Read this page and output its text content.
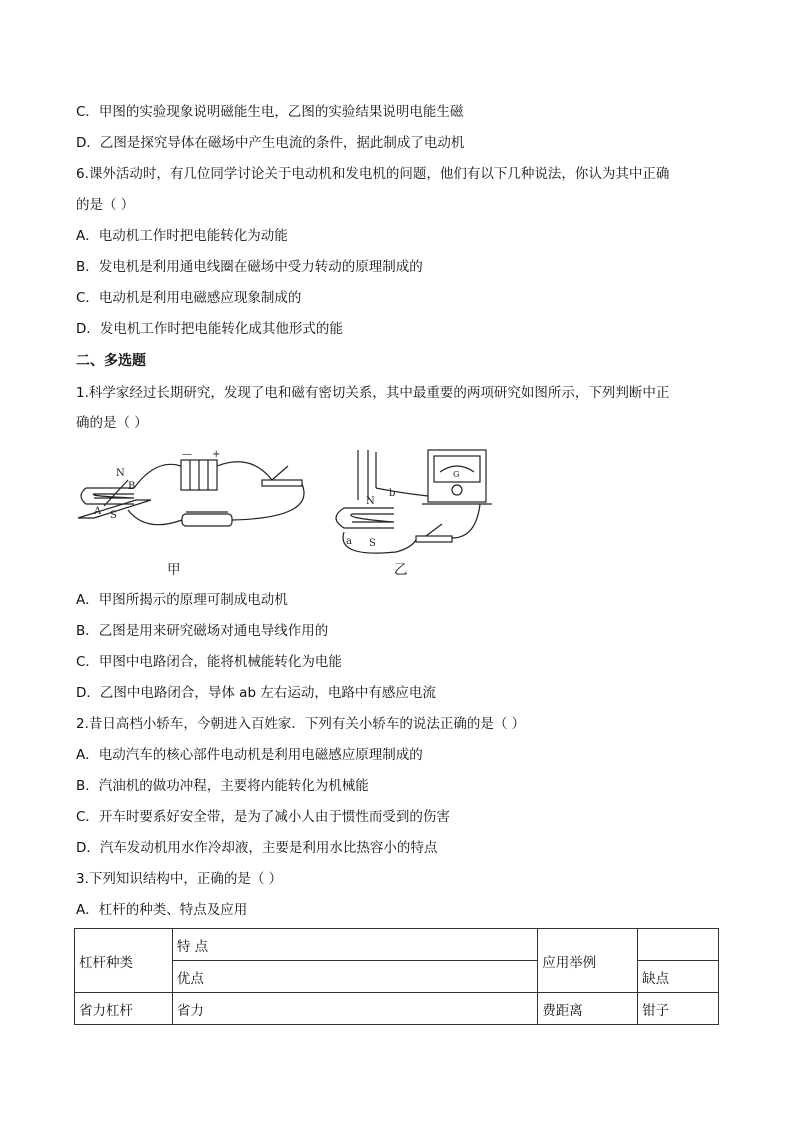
C．甲图的实验现象说明磁能生电，乙图的实验结果说明电能生磁
D．乙图是探究导体在磁场中产生电流的条件，据此制成了电动机
6.课外活动时，有几位同学讨论关于电动机和发电机的问题，他们有以下几种说法，你认为其中正确
的是（ ）
A．电动机工作时把电能转化为动能
B．发电机是利用通电线圈在磁场中受力转动的原理制成的
C．电动机是利用电磁感应现象制成的
D．发电机工作时把电能转化成其他形式的能
二、多选题
1.科学家经过长期研究，发现了电和磁有密切关系，其中最重要的两项研究如图所示，下列判断中正
确的是（ ）
N
B
A S
— +
N
b
a S
G
甲	乙
A．甲图所揭示的原理可制成电动机
B．乙图是用来研究磁场对通电导线作用的
C．甲图中电路闭合，能将机械能转化为电能
D．乙图中电路闭合，导体 ab 左右运动，电路中有感应电流
2.昔日高档小轿车，今朝进入百姓家．下列有关小轿车的说法正确的是（ ）
A．电动汽车的核心部件电动机是利用电磁感应原理制成的
B．汽油机的做功冲程，主要将内能转化为机械能
C．开车时要系好安全带，是为了减小人由于惯性而受到的伤害
D．汽车发动机用水作冷却液，主要是利用水比热容小的特点
3.下列知识结构中，正确的是（ ）
A．杠杆的种类、特点及应用
杠杆种类	特 点	应用举例	
	优点		缺点
省力杠杆	省力	费距离	钳子
